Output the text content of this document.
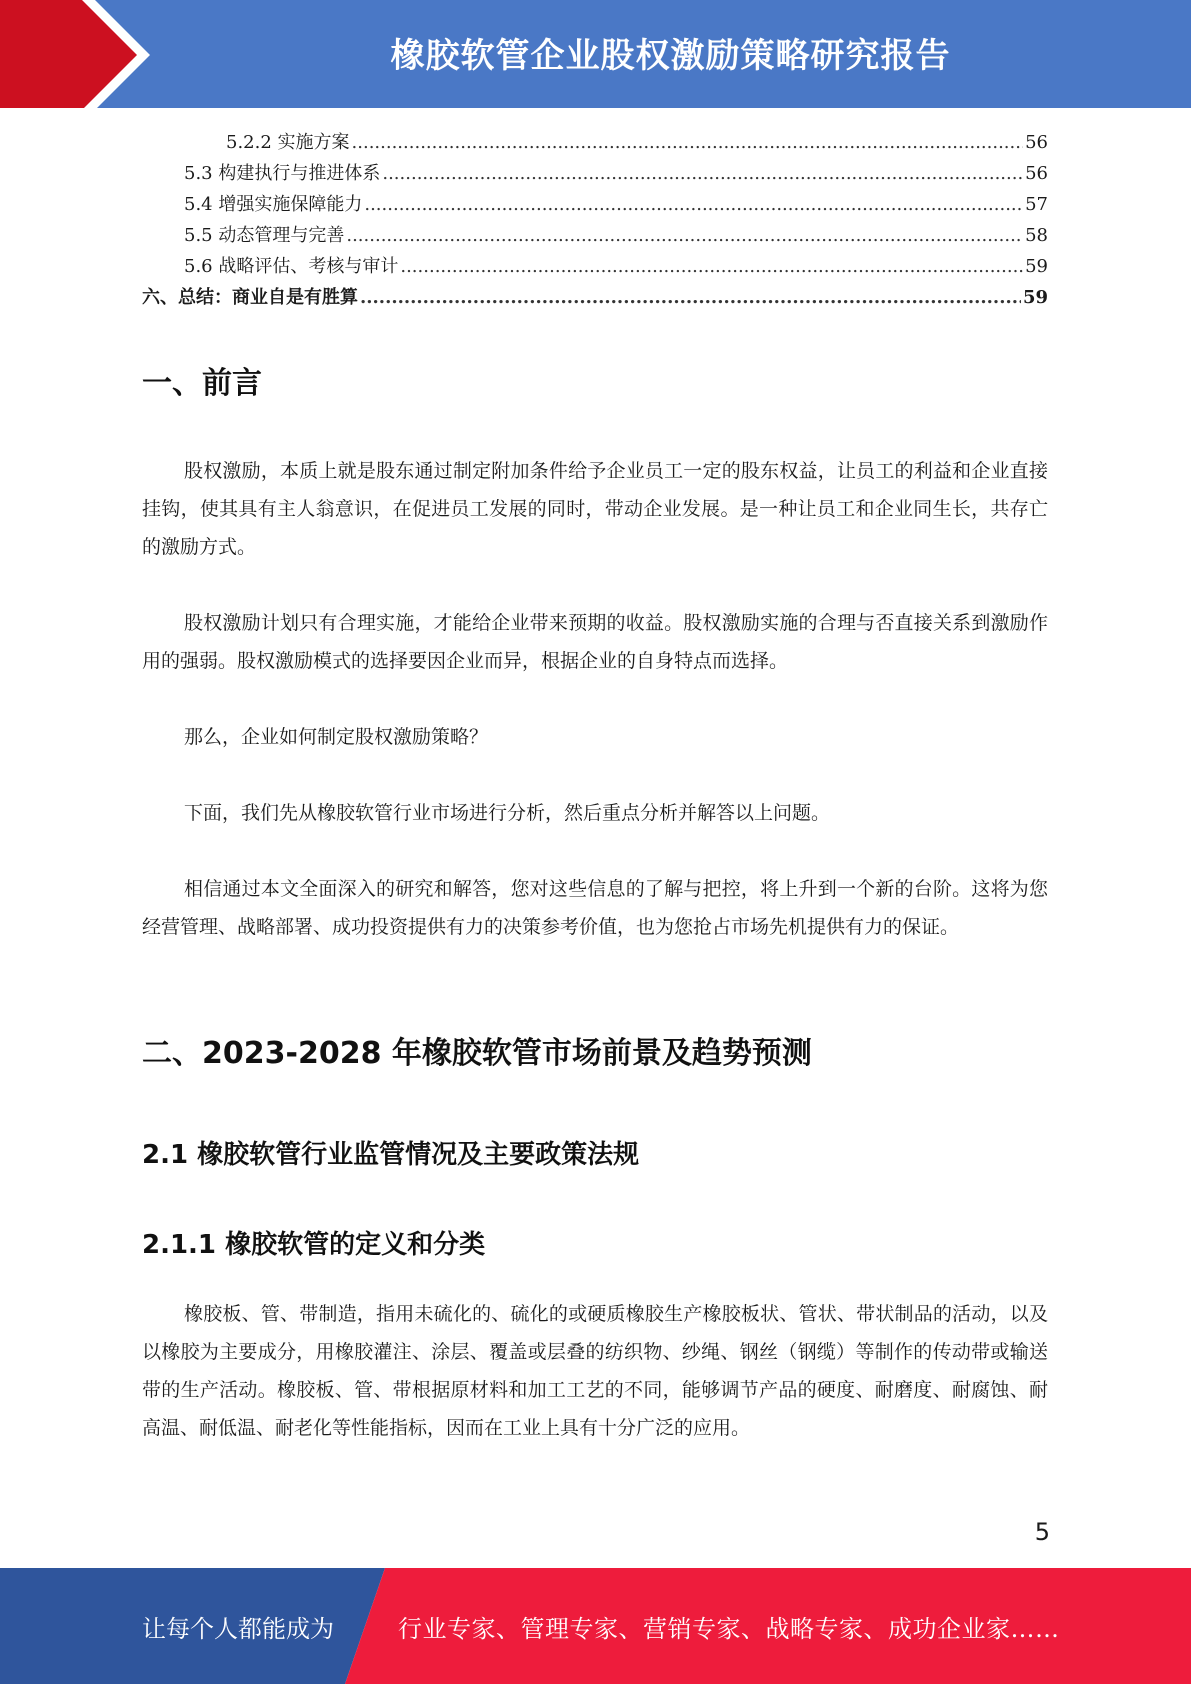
橡胶软管企业股权激励策略研究报告
5.2.2 实施方案 .....	56
5.3 构建执行与推进体系 .....	56
5.4 增强实施保障能力 .....	57
5.5 动态管理与完善 .....	58
5.6 战略评估、考核与审计 .....	59
六、总结：商业自是有胜算 .....	59
一、前言

股权激励，本质上就是股东通过制定附加条件给予企业员工一定的股东权益，让员工的利益和企业直接挂钩，使其具有主人翁意识，在促进员工发展的同时，带动企业发展。是一种让员工和企业同生长，共存亡的激励方式。

股权激励计划只有合理实施，才能给企业带来预期的收益。股权激励实施的合理与否直接关系到激励作用的强弱。股权激励模式的选择要因企业而异，根据企业的自身特点而选择。

那么，企业如何制定股权激励策略？

下面，我们先从橡胶软管行业市场进行分析，然后重点分析并解答以上问题。

相信通过本文全面深入的研究和解答，您对这些信息的了解与把控，将上升到一个新的台阶。这将为您经营管理、战略部署、成功投资提供有力的决策参考价值，也为您抢占市场先机提供有力的保证。

二、2023-2028 年橡胶软管市场前景及趋势预测
2.1 橡胶软管行业监管情况及主要政策法规
2.1.1 橡胶软管的定义和分类

橡胶板、管、带制造，指用未硫化的、硫化的或硬质橡胶生产橡胶板状、管状、带状制品的活动，以及以橡胶为主要成分，用橡胶灌注、涂层、覆盖或层叠的纺织物、纱绳、钢丝（钢缆）等制作的传动带或输送带的生产活动。橡胶板、管、带根据原材料和加工工艺的不同，能够调节产品的硬度、耐磨度、耐腐蚀、耐高温、耐低温、耐老化等性能指标，因而在工业上具有十分广泛的应用。

5
让每个人都能成为	行业专家、管理专家、营销专家、战略专家、成功企业家……
